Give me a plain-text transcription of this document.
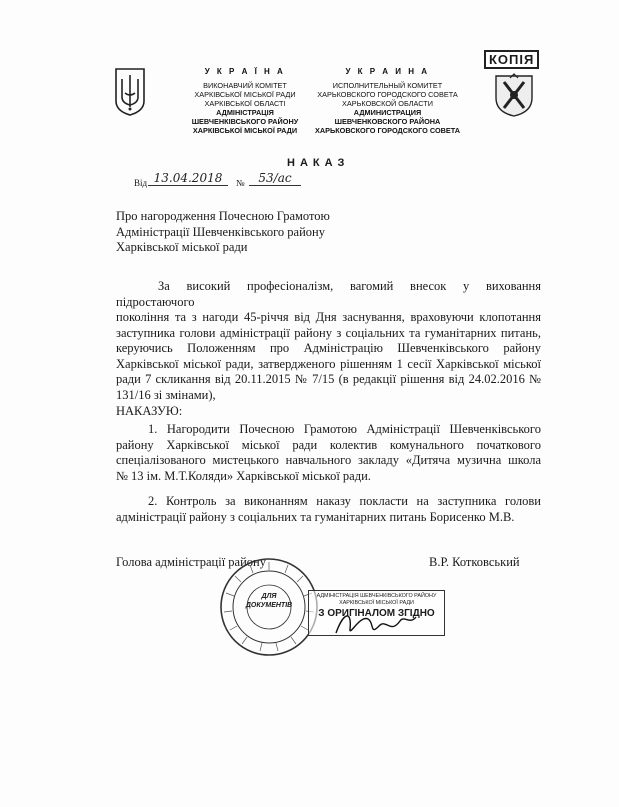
У К Р А Ї Н А
ВИКОНАВЧИЙ КОМІТЕТ
ХАРКІВСЬКОЇ МІСЬКОЇ РАДИ
ХАРКІВСЬКОЇ ОБЛАСТІ
АДМІНІСТРАЦІЯ
ШЕВЧЕНКІВСЬКОГО РАЙОНУ
ХАРКІВСЬКОЇ МІСЬКОЇ РАДИ
У К Р А И Н А
ИСПОЛНИТЕЛЬНЫЙ КОМИТЕТ
ХАРЬКОВСКОГО ГОРОДСКОГО СОВЕТА
ХАРЬКОВСКОЙ ОБЛАСТИ
АДМИНИСТРАЦИЯ
ШЕВЧЕНКОВСКОГО РАЙОНА
ХАРЬКОВСКОГО ГОРОДСКОГО СОВЕТА
КОПІЯ
НАКАЗ
Від 13.04.2018	№	53/ас
Про нагородження Почесною Грамотою
Адміністрації Шевченківського району
Харківської міської ради
За високий професіоналізм, вагомий внесок у виховання підростаючого
покоління та з нагоди 45-річчя від Дня заснування, враховуючи клопотання
заступника голови адміністрації району з соціальних та гуманітарних питань,
керуючись Положенням про Адміністрацію Шевченківського району
Харківської міської ради, затвердженого рішенням 1 сесії Харківської міської
ради 7 скликання від 20.11.2015 № 7/15 (в редакції рішення від 24.02.2016 №
131/16 зі змінами),
НАКАЗУЮ:
1. Нагородити Почесною Грамотою Адміністрації Шевченківського
району Харківської міської ради колектив комунального початкового
спеціалізованого мистецького навчального закладу «Дитяча музична школа
№ 13 ім. М.Т.Коляди» Харківської міської ради.
2. Контроль за виконанням наказу покласти на заступника голови
адміністрації району з соціальних та гуманітарних питань Борисенко М.В.
Голова адміністрації району	В.Р. Котковський
ДЛЯ
ДОКУМЕНТІВ
АДМІНІСТРАЦІЯ ШЕВЧЕНКІВСЬКОГО РАЙОНУ
ХАРКІВСЬКОЇ МІСЬКОЇ РАДИ
З ОРИГІНАЛОМ ЗГІДНО
